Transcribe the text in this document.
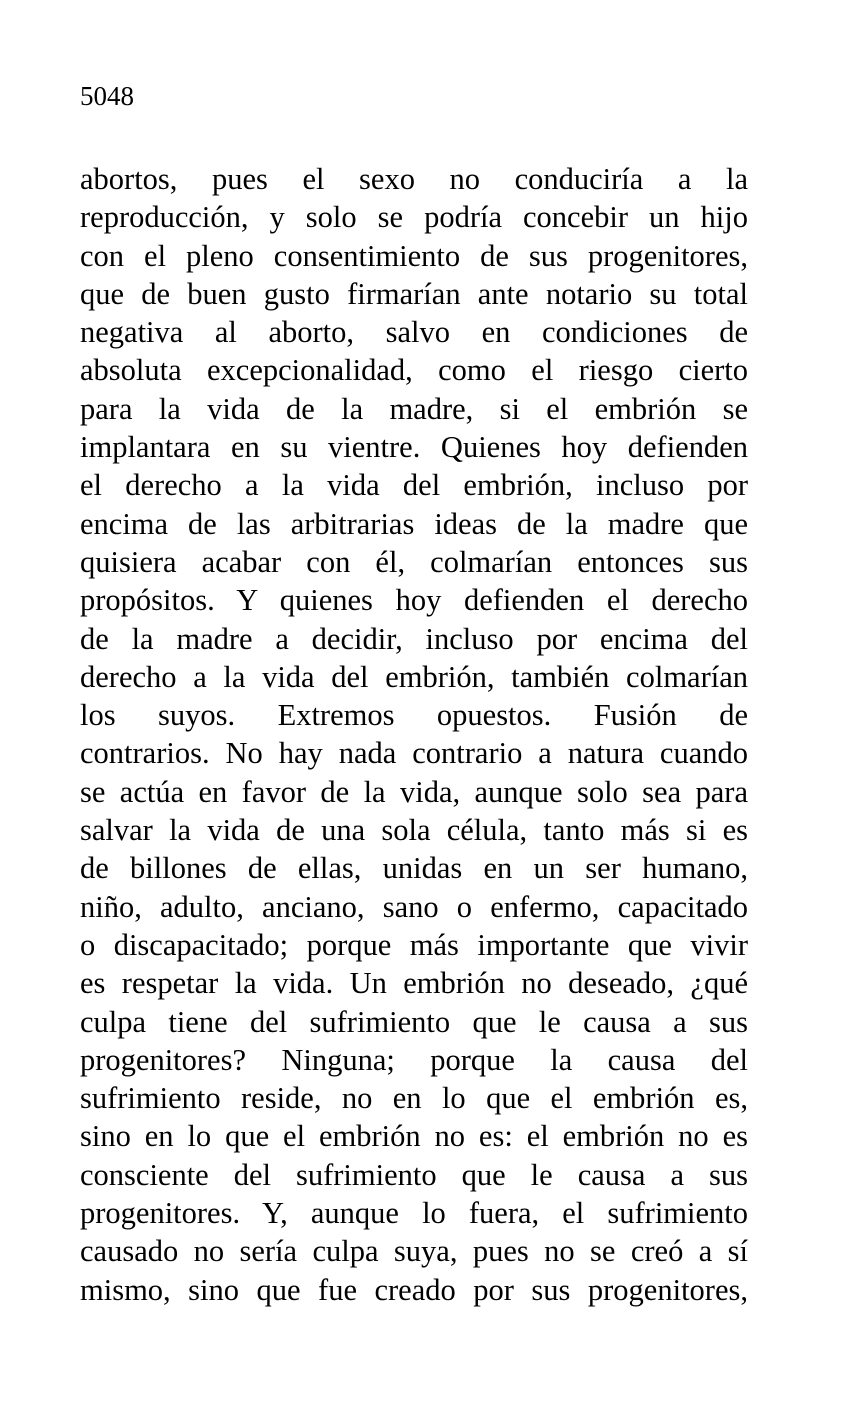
5048

abortos, pues el sexo no conduciría a la
reproducción, y solo se podría concebir un hijo
con el pleno consentimiento de sus progenitores,
que de buen gusto firmarían ante notario su total
negativa al aborto, salvo en condiciones de
absoluta excepcionalidad, como el riesgo cierto
para la vida de la madre, si el embrión se
implantara en su vientre. Quienes hoy defienden
el derecho a la vida del embrión, incluso por
encima de las arbitrarias ideas de la madre que
quisiera acabar con él, colmarían entonces sus
propósitos. Y quienes hoy defienden el derecho
de la madre a decidir, incluso por encima del
derecho a la vida del embrión, también colmarían
los suyos. Extremos opuestos. Fusión de
contrarios. No hay nada contrario a natura cuando
se actúa en favor de la vida, aunque solo sea para
salvar la vida de una sola célula, tanto más si es
de billones de ellas, unidas en un ser humano,
niño, adulto, anciano, sano o enfermo, capacitado
o discapacitado; porque más importante que vivir
es respetar la vida. Un embrión no deseado, ¿qué
culpa tiene del sufrimiento que le causa a sus
progenitores? Ninguna; porque la causa del
sufrimiento reside, no en lo que el embrión es,
sino en lo que el embrión no es: el embrión no es
consciente del sufrimiento que le causa a sus
progenitores. Y, aunque lo fuera, el sufrimiento
causado no sería culpa suya, pues no se creó a sí
mismo, sino que fue creado por sus progenitores,
